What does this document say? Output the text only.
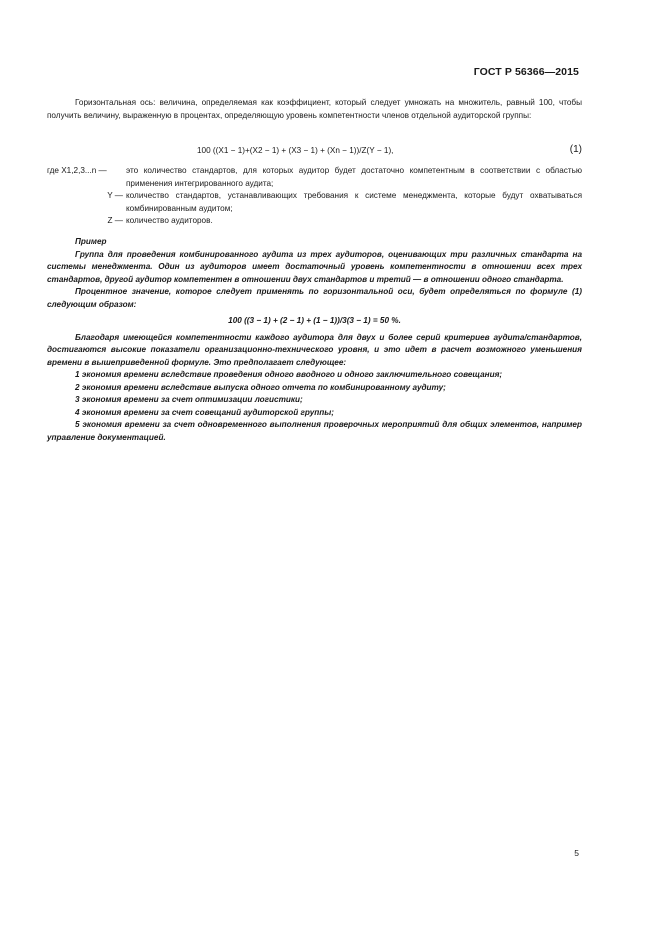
ГОСТ Р 56366—2015

Горизонтальная ось: величина, определяемая как коэффициент, который следует умножать на множитель, равный 100, чтобы получить величину, выраженную в процентах, определяющую уровень компетентности членов отдельной аудиторской группы:

100 ((X1 − 1)+(X2 − 1) + (X3 − 1) + (Xn − 1))/Z(Y − 1),	(1)
где X1,2,3...n —	это количество стандартов, для которых аудитор будет достаточно компетентным в соответствии с областью применения интегрированного аудита;
Y — количество стандартов, устанавливающих требования к системе менеджмента, которые будут охватываться комбинированным аудитом;
Z — количество аудиторов.

Пример

Группа для проведения комбинированного аудита из трех аудиторов, оценивающих три различных стандарта на системы менеджмента. Один из аудиторов имеет достаточный уровень компетентности в отношении всех трех стандартов, другой аудитор компетентен в отношении двух стандартов и третий — в отношении одного стандарта.

Процентное значение, которое следует применять по горизонтальной оси, будет определяться по формуле (1) следующим образом:

100 ((3 − 1) + (2 − 1) + (1 − 1))/3(3 − 1) = 50 %.

Благодаря имеющейся компетентности каждого аудитора для двух и более серий критериев аудита/стандартов, достигаются высокие показатели организационно-технического уровня, и это идет в расчет возможного уменьшения времени в вышеприведенной формуле. Это предполагает следующее:

1 экономия времени вследствие проведения одного вводного и одного заключительного совещания;

2 экономия времени вследствие выпуска одного отчета по комбинированному аудиту;

3 экономия времени за счет оптимизации логистики;

4 экономия времени за счет совещаний аудиторской группы;

5 экономия времени за счет одновременного выполнения проверочных мероприятий для общих элементов, например управление документацией.

5
